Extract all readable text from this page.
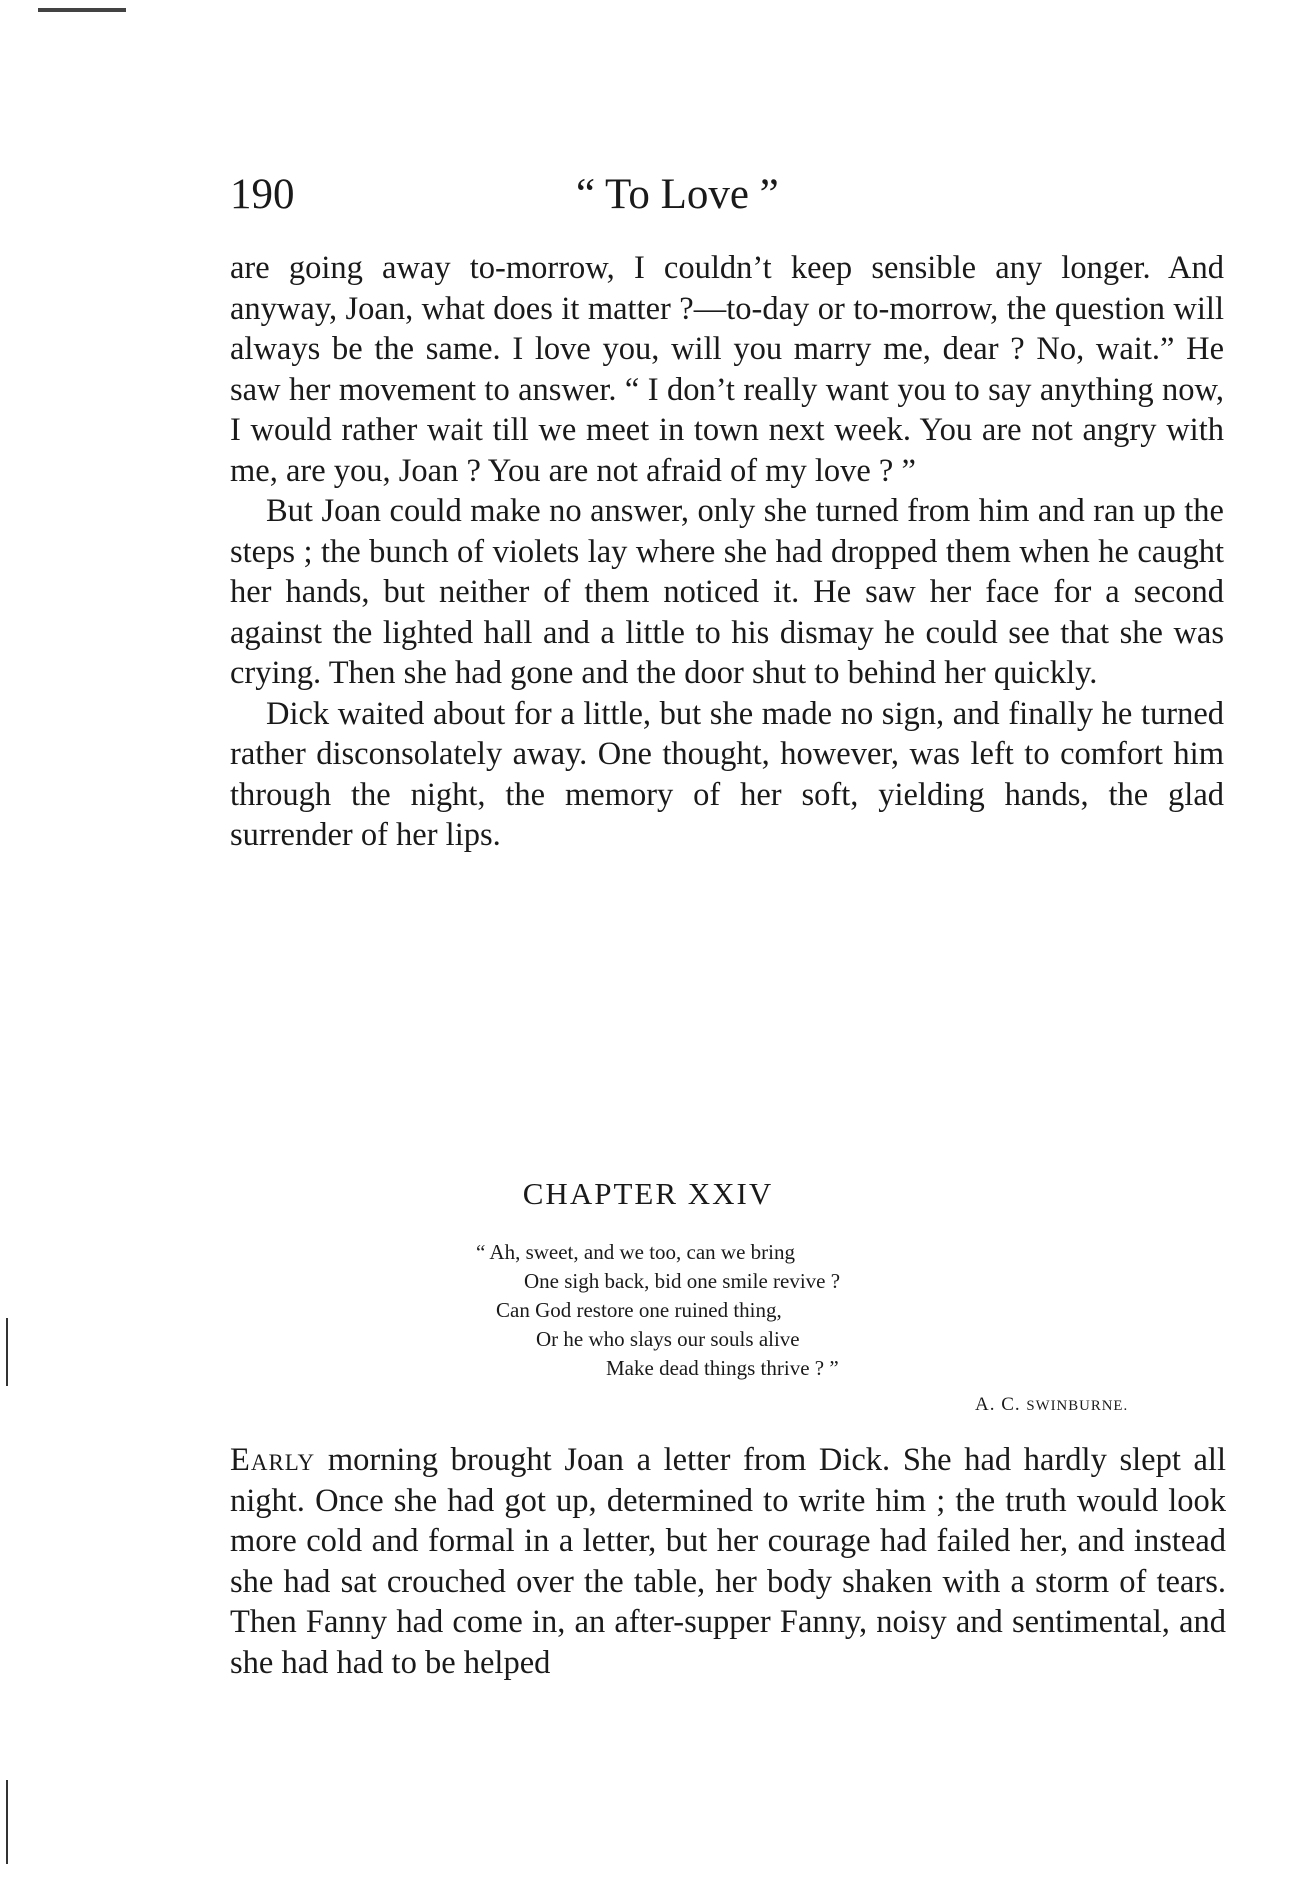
190	“ To Love ”

are going away to-morrow, I couldn’t keep sensible any longer. And anyway, Joan, what does it matter ?—to-day or to-morrow, the question will always be the same. I love you, will you marry me, dear ? No, wait.” He saw her movement to answer. “ I don’t really want you to say anything now, I would rather wait till we meet in town next week. You are not angry with me, are you, Joan ? You are not afraid of my love ? ”

But Joan could make no answer, only she turned from him and ran up the steps ; the bunch of violets lay where she had dropped them when he caught her hands, but neither of them noticed it. He saw her face for a second against the lighted hall and a little to his dismay he could see that she was crying. Then she had gone and the door shut to behind her quickly.

Dick waited about for a little, but she made no sign, and finally he turned rather disconsolately away. One thought, however, was left to comfort him through the night, the memory of her soft, yielding hands, the glad surrender of her lips.

CHAPTER XXIV
“ Ah, sweet, and we too, can we bring
One sigh back, bid one smile revive ?
Can God restore one ruined thing,
Or he who slays our souls alive
Make dead things thrive ? ”
A. C. SWINBURNE.

Early morning brought Joan a letter from Dick. She had hardly slept all night. Once she had got up, determined to write him ; the truth would look more cold and formal in a letter, but her courage had failed her, and instead she had sat crouched over the table, her body shaken with a storm of tears. Then Fanny had come in, an after-supper Fanny, noisy and sentimental, and she had had to be helped
